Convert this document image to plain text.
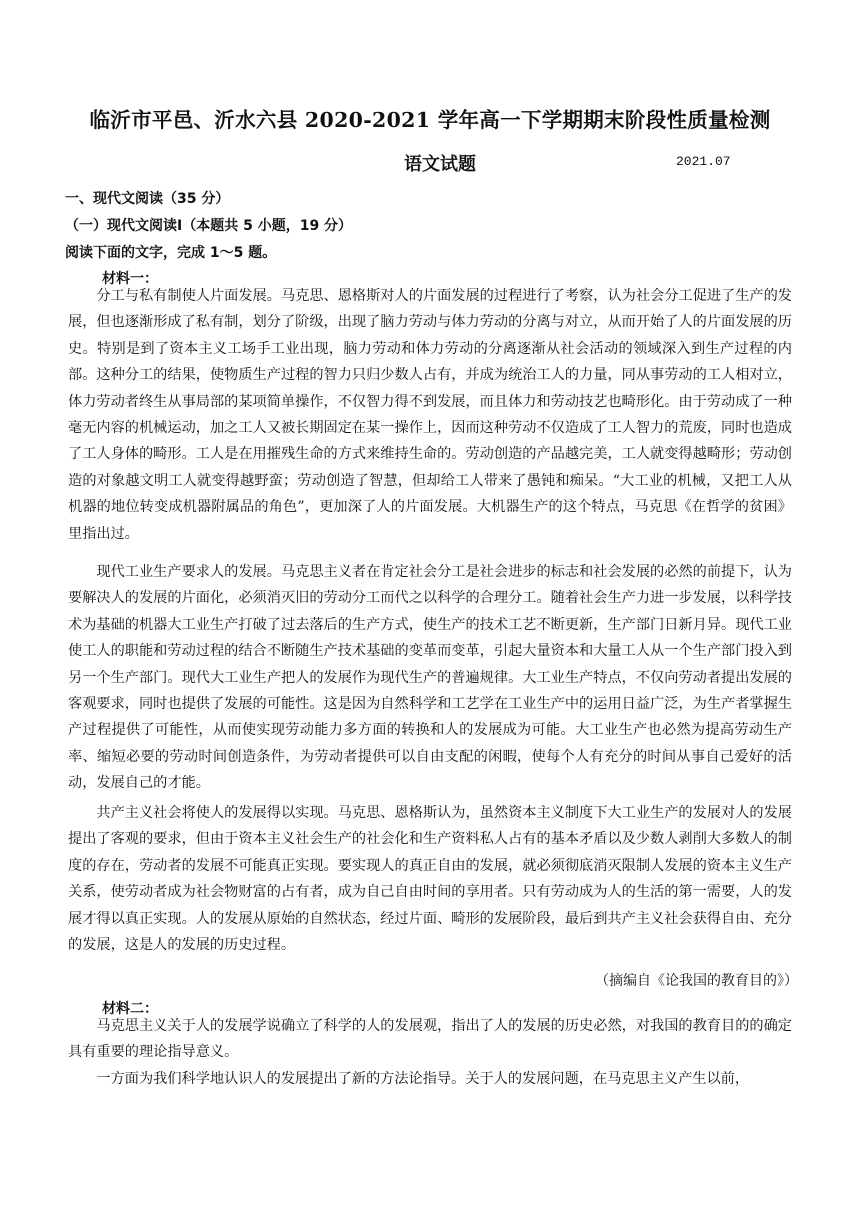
临沂市平邑、沂水六县 2020-2021 学年高一下学期期末阶段性质量检测
语文试题	2021.07
一、现代文阅读（35 分）
（一）现代文阅读Ⅰ（本题共 5 小题，19 分）
阅读下面的文字，完成 1～5 题。
材料一：

分工与私有制使人片面发展。马克思、恩格斯对人的片面发展的过程进行了考察，认为社会分工促进了生产的发展，但也逐渐形成了私有制，划分了阶级，出现了脑力劳动与体力劳动的分离与对立，从而开始了人的片面发展的历史。特别是到了资本主义工场手工业出现，脑力劳动和体力劳动的分离逐渐从社会活动的领域深入到生产过程的内部。这种分工的结果，使物质生产过程的智力只归少数人占有，并成为统治工人的力量，同从事劳动的工人相对立，体力劳动者终生从事局部的某项简单操作，不仅智力得不到发展，而且体力和劳动技艺也畸形化。由于劳动成了一种毫无内容的机械运动，加之工人又被长期固定在某一操作上，因而这种劳动不仅造成了工人智力的荒废，同时也造成了工人身体的畸形。工人是在用摧残生命的方式来维持生命的。劳动创造的产品越完美，工人就变得越畸形；劳动创造的对象越文明工人就变得越野蛮；劳动创造了智慧，但却给工人带来了愚钝和痴呆。“大工业的机械，又把工人从机器的地位转变成机器附属品的角色”，更加深了人的片面发展。大机器生产的这个特点，马克思《在哲学的贫困》里指出过。

现代工业生产要求人的发展。马克思主义者在肯定社会分工是社会进步的标志和社会发展的必然的前提下，认为要解决人的发展的片面化，必须消灭旧的劳动分工而代之以科学的合理分工。随着社会生产力进一步发展，以科学技术为基础的机器大工业生产打破了过去落后的生产方式，使生产的技术工艺不断更新，生产部门日新月异。现代工业使工人的职能和劳动过程的结合不断随生产技术基础的变革而变革，引起大量资本和大量工人从一个生产部门投入到另一个生产部门。现代大工业生产把人的发展作为现代生产的普遍规律。大工业生产特点，不仅向劳动者提出发展的客观要求，同时也提供了发展的可能性。这是因为自然科学和工艺学在工业生产中的运用日益广泛，为生产者掌握生产过程提供了可能性，从而使实现劳动能力多方面的转换和人的发展成为可能。大工业生产也必然为提高劳动生产率、缩短必要的劳动时间创造条件，为劳动者提供可以自由支配的闲暇，使每个人有充分的时间从事自己爱好的活动，发展自己的才能。

共产主义社会将使人的发展得以实现。马克思、恩格斯认为，虽然资本主义制度下大工业生产的发展对人的发展提出了客观的要求，但由于资本主义社会生产的社会化和生产资料私人占有的基本矛盾以及少数人剥削大多数人的制度的存在，劳动者的发展不可能真正实现。要实现人的真正自由的发展，就必须彻底消灭限制人发展的资本主义生产关系，使劳动者成为社会物财富的占有者，成为自己自由时间的享用者。只有劳动成为人的生活的第一需要，人的发展才得以真正实现。人的发展从原始的自然状态，经过片面、畸形的发展阶段，最后到共产主义社会获得自由、充分的发展，这是人的发展的历史过程。

（摘编自《论我国的教育目的》）
材料二：

马克思主义关于人的发展学说确立了科学的人的发展观，指出了人的发展的历史必然，对我国的教育目的的确定具有重要的理论指导意义。

一方面为我们科学地认识人的发展提出了新的方法论指导。关于人的发展问题，在马克思主义产生以前，
